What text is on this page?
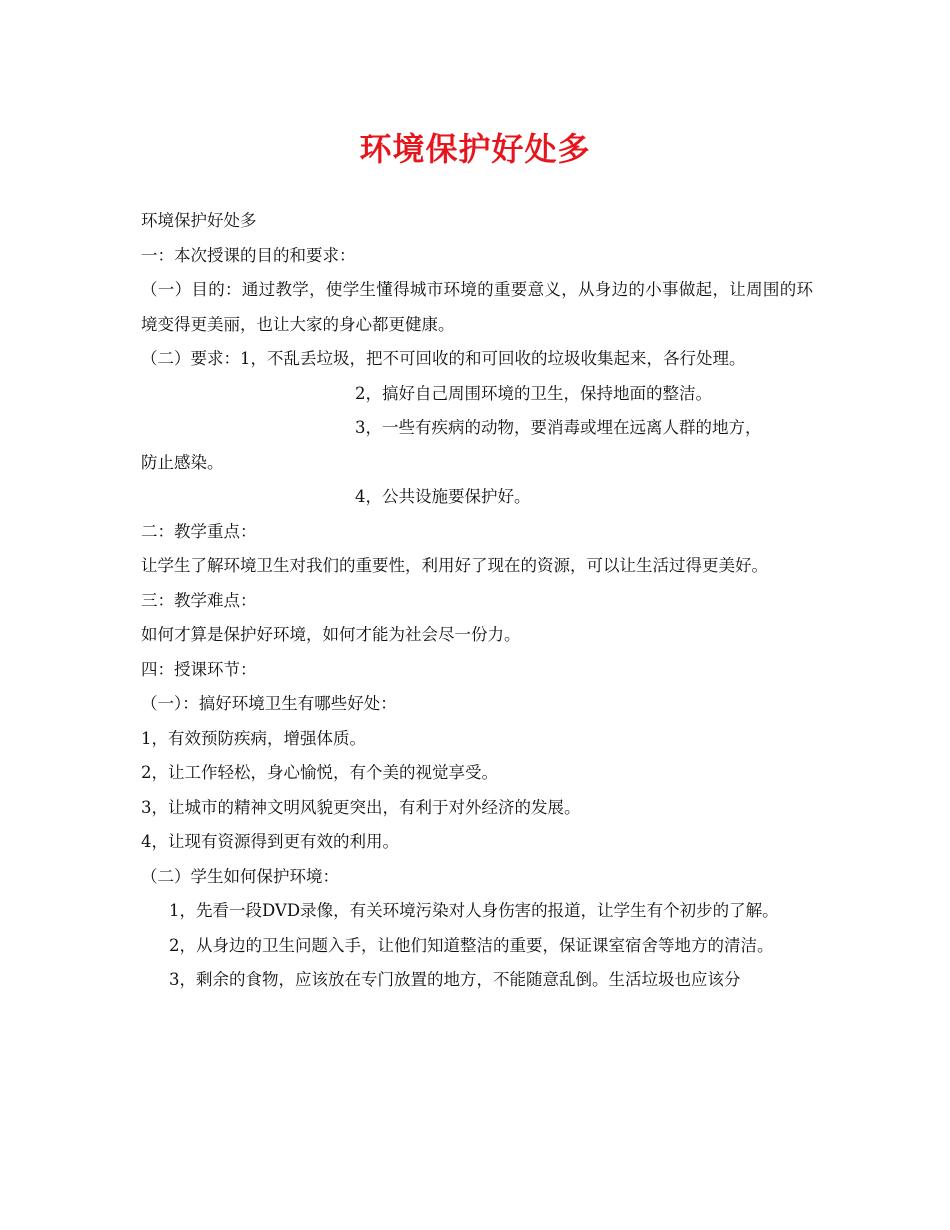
环境保护好处多

环境保护好处多

一：本次授课的目的和要求：

（一）目的：通过教学，使学生懂得城市环境的重要意义，从身边的小事做起，让周围的环境变得更美丽，也让大家的身心都更健康。

（二）要求：1，不乱丢垃圾，把不可回收的和可回收的垃圾收集起来，各行处理。

2，搞好自己周围环境的卫生，保持地面的整洁。

3，一些有疾病的动物，要消毒或埋在远离人群的地方，

防止感染。

4，公共设施要保护好。

二：教学重点：

让学生了解环境卫生对我们的重要性，利用好了现在的资源，可以让生活过得更美好。

三：教学难点：

如何才算是保护好环境，如何才能为社会尽一份力。

四：授课环节：

（一）：搞好环境卫生有哪些好处：

1，有效预防疾病，增强体质。

2，让工作轻松，身心愉悦，有个美的视觉享受。

3，让城市的精神文明风貌更突出，有利于对外经济的发展。

4，让现有资源得到更有效的利用。

（二）学生如何保护环境：

1，先看一段DVD录像，有关环境污染对人身伤害的报道，让学生有个初步的了解。

2，从身边的卫生问题入手，让他们知道整洁的重要，保证课室宿舍等地方的清洁。

3，剩余的食物，应该放在专门放置的地方，不能随意乱倒。生活垃圾也应该分
